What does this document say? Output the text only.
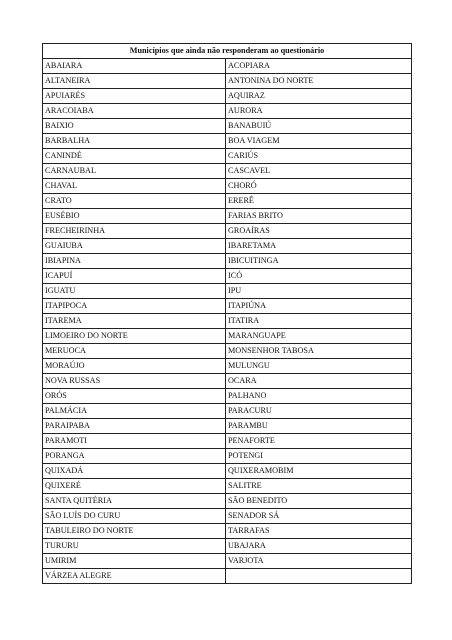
Municípios que ainda não responderam ao questionário	
ABAIARA	ACOPIARA
ALTANEIRA	ANTONINA DO NORTE
APUIARÉS	AQUIRAZ
ARACOIABA	AURORA
BAIXIO	BANABUIÚ
BARBALHA	BOA VIAGEM
CANINDÉ	CARIÚS
CARNAUBAL	CASCAVEL
CHAVAL	CHORÓ
CRATO	ERERÊ
EUSÉBIO	FARIAS BRITO
FRECHEIRINHA	GROAÍRAS
GUAIUBA	IBARETAMA
IBIAPINA	IBICUITINGA
ICAPUÍ	ICÓ
IGUATU	IPU
ITAPIPOCA	ITAPIÚNA
ITAREMA	ITATIRA
LIMOEIRO DO NORTE	MARANGUAPE
MERUOCA	MONSENHOR TABOSA
MORAÚJO	MULUNGU
NOVA RUSSAS	OCARA
ORÓS	PALHANO
PALMÁCIA	PARACURU
PARAIPABA	PARAMBU
PARAMOTI	PENAFORTE
PORANGA	POTENGI
QUIXADÁ	QUIXERAMOBIM
QUIXERÉ	SALITRE
SANTA QUITÉRIA	SÃO BENEDITO
SÃO LUÍS DO CURU	SENADOR SÁ
TABULEIRO DO NORTE	TARRAFAS
TURURU	UBAJARA
UMIRIM	VARJOTA
VÁRZEA ALEGRE	
